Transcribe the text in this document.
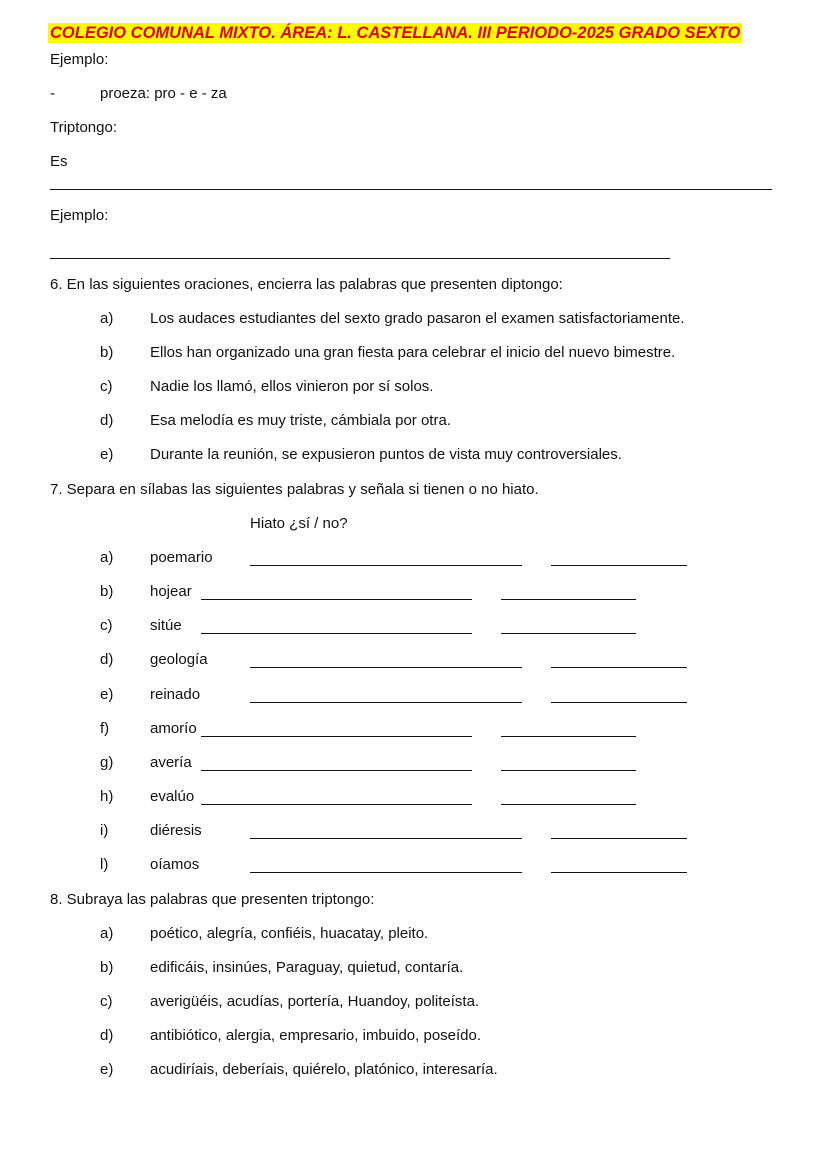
COLEGIO COMUNAL MIXTO. ÁREA: L. CASTELLANA. III PERIODO-2025 GRADO SEXTO
Ejemplo:
-	proeza: pro - e - za
Triptongo:
Es
Ejemplo:
6. En las siguientes oraciones, encierra las palabras que presenten diptongo:
a) Los audaces estudiantes del sexto grado pasaron el examen satisfactoriamente.
b) Ellos han organizado una gran fiesta para celebrar el inicio del nuevo bimestre.
c)	Nadie los llamó, ellos vinieron por sí solos.
d) Esa melodía es muy triste, cámbiala por otra.
e) Durante la reunión, se expusieron puntos de vista muy controversiales.
7. Separa en sílabas las siguientes palabras y señala si tienen o no hiato.
Hiato ¿sí / no?
a) poemario
b) hojear
c)	sitúe
d) geología
e) reinado
f)	amorío
g) avería
h) evalúo
i)	diéresis
l)	oíamos
8. Subraya las palabras que presenten triptongo:
a) poético, alegría, confiéis, huacatay, pleito.
b) edificáis, insinúes, Paraguay, quietud, contaría.
c)	averigüéis, acudías, portería, Huandoy, politeísta.
d) antibiótico, alergia, empresario, imbuido, poseído.
e) acudiríais, deberíais, quiérelo, platónico, interesaría.
